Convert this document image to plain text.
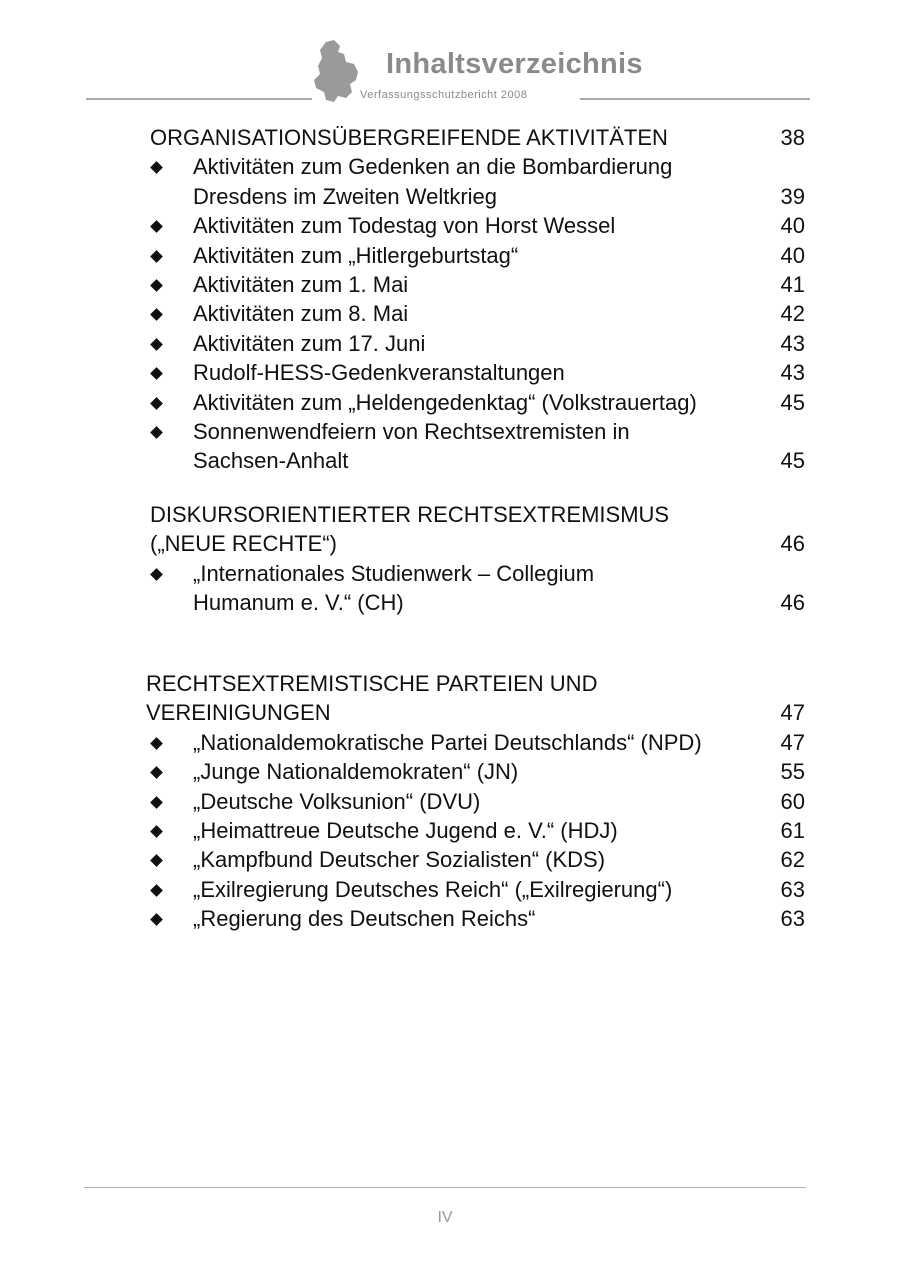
Inhaltsverzeichnis
Verfassungsschutzbericht 2008
ORGANISATIONSÜBERGREIFENDE AKTIVITÄTEN	38
Aktivitäten zum Gedenken an die Bombardierung
Dresdens im Zweiten Weltkrieg	39
Aktivitäten zum Todestag von Horst Wessel	40
Aktivitäten zum „Hitlergeburtstag“	40
Aktivitäten zum 1. Mai	41
Aktivitäten zum 8. Mai	42
Aktivitäten zum 17. Juni	43
Rudolf-HESS-Gedenkveranstaltungen	43
Aktivitäten zum „Heldengedenktag“ (Volkstrauertag)	45
Sonnenwendfeiern von Rechtsextremisten in
Sachsen-Anhalt	45
DISKURSORIENTIERTER RECHTSEXTREMISMUS
(„NEUE RECHTE“)	46
„Internationales Studienwerk – Collegium
Humanum e. V.“ (CH)	46
RECHTSEXTREMISTISCHE PARTEIEN UND
VEREINIGUNGEN	47
„Nationaldemokratische Partei Deutschlands“ (NPD)	47
„Junge Nationaldemokraten“ (JN)	55
„Deutsche Volksunion“ (DVU)	60
„Heimattreue Deutsche Jugend e. V.“ (HDJ)	61
„Kampfbund Deutscher Sozialisten“ (KDS)	62
„Exilregierung Deutsches Reich“ („Exilregierung“)	63
„Regierung des Deutschen Reichs“	63
IV
